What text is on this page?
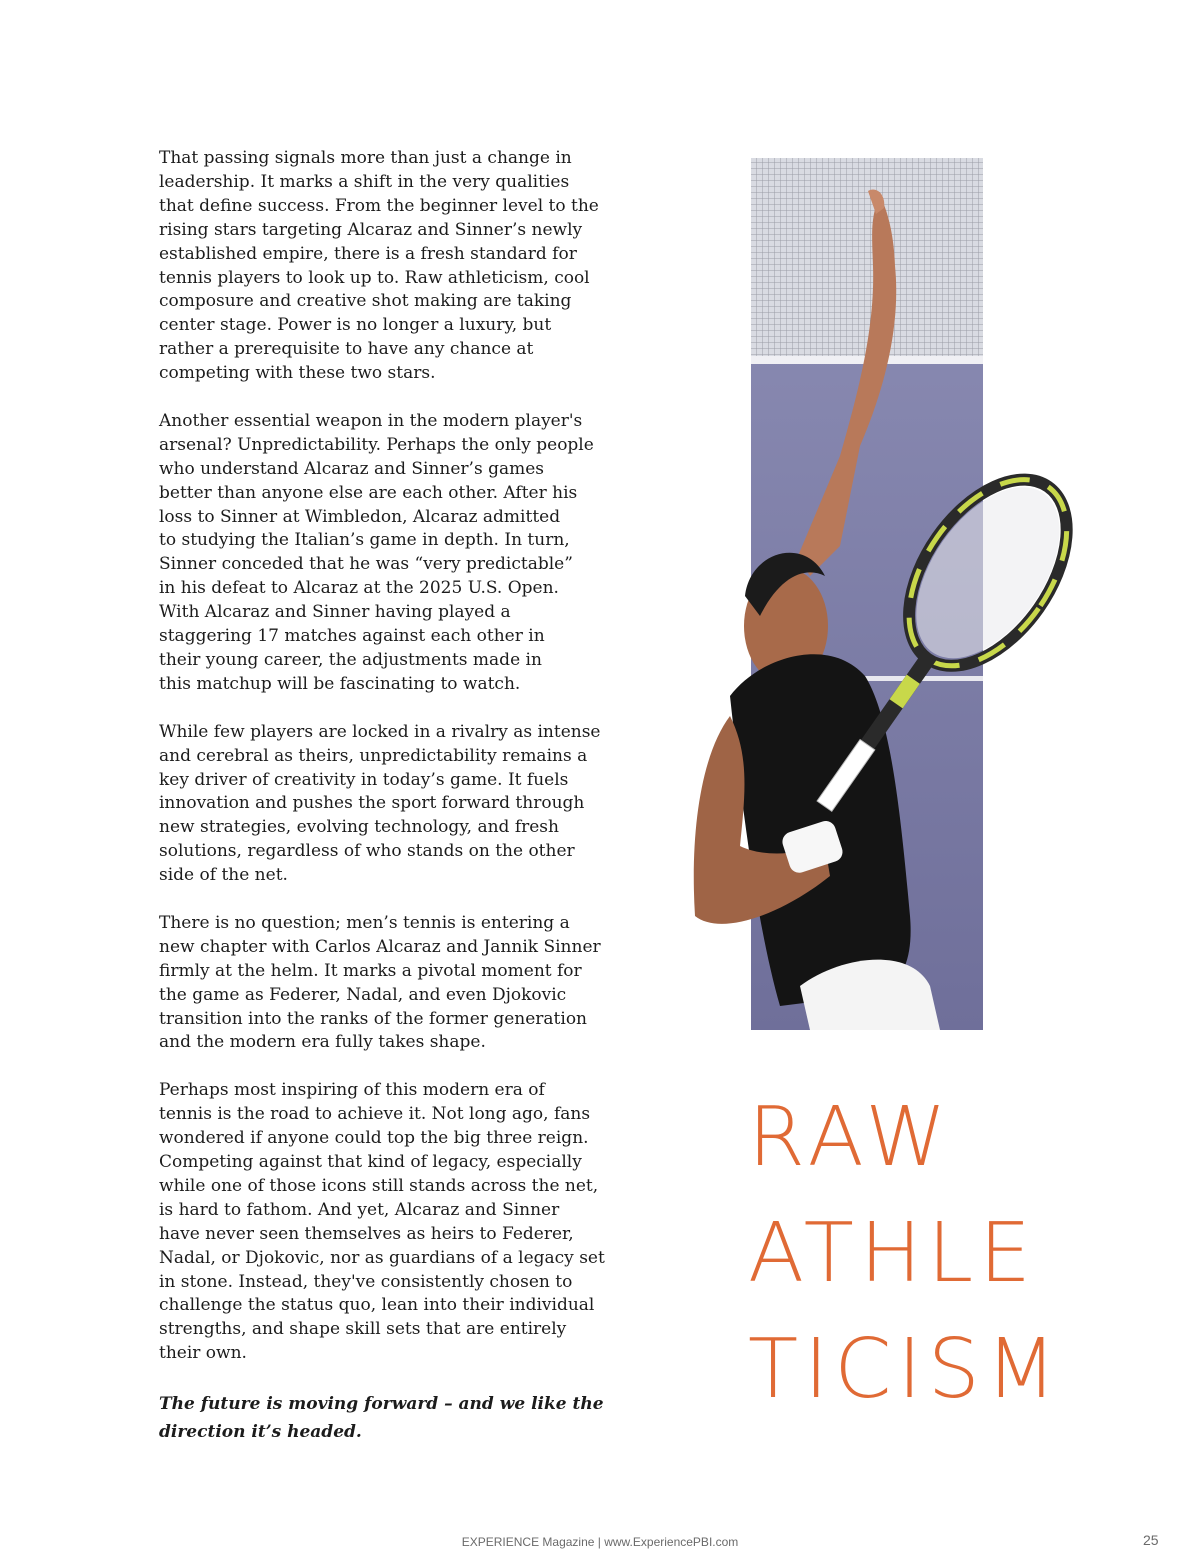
That passing signals more than just a change in
leadership. It marks a shift in the very qualities
that define success. From the beginner level to the
rising stars targeting Alcaraz and Sinner’s newly
established empire, there is a fresh standard for
tennis players to look up to. Raw athleticism, cool
composure and creative shot making are taking
center stage. Power is no longer a luxury, but
rather a prerequisite to have any chance at
competing with these two stars.

Another essential weapon in the modern player's
arsenal? Unpredictability. Perhaps the only people
who understand Alcaraz and Sinner’s games
better than anyone else are each other. After his
loss to Sinner at Wimbledon, Alcaraz admitted
to studying the Italian’s game in depth. In turn,
Sinner conceded that he was “very predictable”
in his defeat to Alcaraz at the 2025 U.S. Open.
With Alcaraz and Sinner having played a
staggering 17 matches against each other in
their young career, the adjustments made in
this matchup will be fascinating to watch.

While few players are locked in a rivalry as intense
and cerebral as theirs, unpredictability remains a
key driver of creativity in today’s game. It fuels
innovation and pushes the sport forward through
new strategies, evolving technology, and fresh
solutions, regardless of who stands on the other
side of the net.

There is no question; men’s tennis is entering a
new chapter with Carlos Alcaraz and Jannik Sinner
firmly at the helm. It marks a pivotal moment for
the game as Federer, Nadal, and even Djokovic
transition into the ranks of the former generation
and the modern era fully takes shape.

Perhaps most inspiring of this modern era of
tennis is the road to achieve it. Not long ago, fans
wondered if anyone could top the big three reign.
Competing against that kind of legacy, especially
while one of those icons still stands across the net,
is hard to fathom. And yet, Alcaraz and Sinner
have never seen themselves as heirs to Federer,
Nadal, or Djokovic, nor as guardians of a legacy set
in stone. Instead, they've consistently chosen to
challenge the status quo, lean into their individual
strengths, and shape skill sets that are entirely
their own.

The future is moving forward – and we like the
direction it’s headed.

RAW
ATHLE
TICISM
EXPERIENCE Magazine | www.ExperiencePBI.com	25
